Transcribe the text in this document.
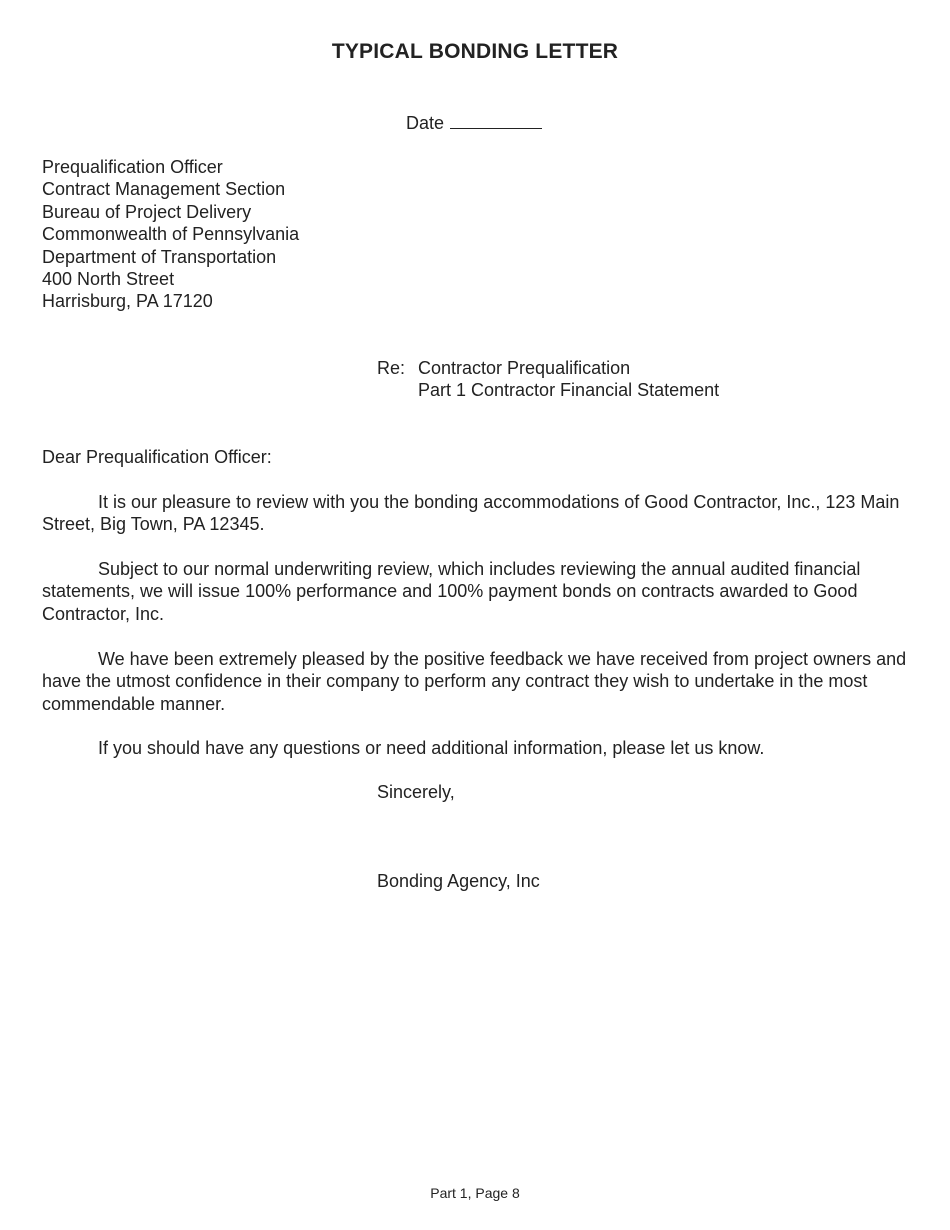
TYPICAL BONDING LETTER
Date
Prequalification Officer
Contract Management Section
Bureau of Project Delivery
Commonwealth of Pennsylvania
Department of Transportation
400 North Street
Harrisburg, PA 17120
Re: Contractor Prequalification
Part 1 Contractor Financial Statement
Dear Prequalification Officer:
It is our pleasure to review with you the bonding accommodations of Good Contractor, Inc., 123 Main Street, Big Town, PA 12345.
Subject to our normal underwriting review, which includes reviewing the annual audited financial statements, we will issue 100% performance and 100% payment bonds on contracts awarded to Good Contractor, Inc.
We have been extremely pleased by the positive feedback we have received from project owners and have the utmost confidence in their company to perform any contract they wish to undertake in the most commendable manner.
If you should have any questions or need additional information, please let us know.
Sincerely,
Bonding Agency, Inc
Part 1, Page 8
